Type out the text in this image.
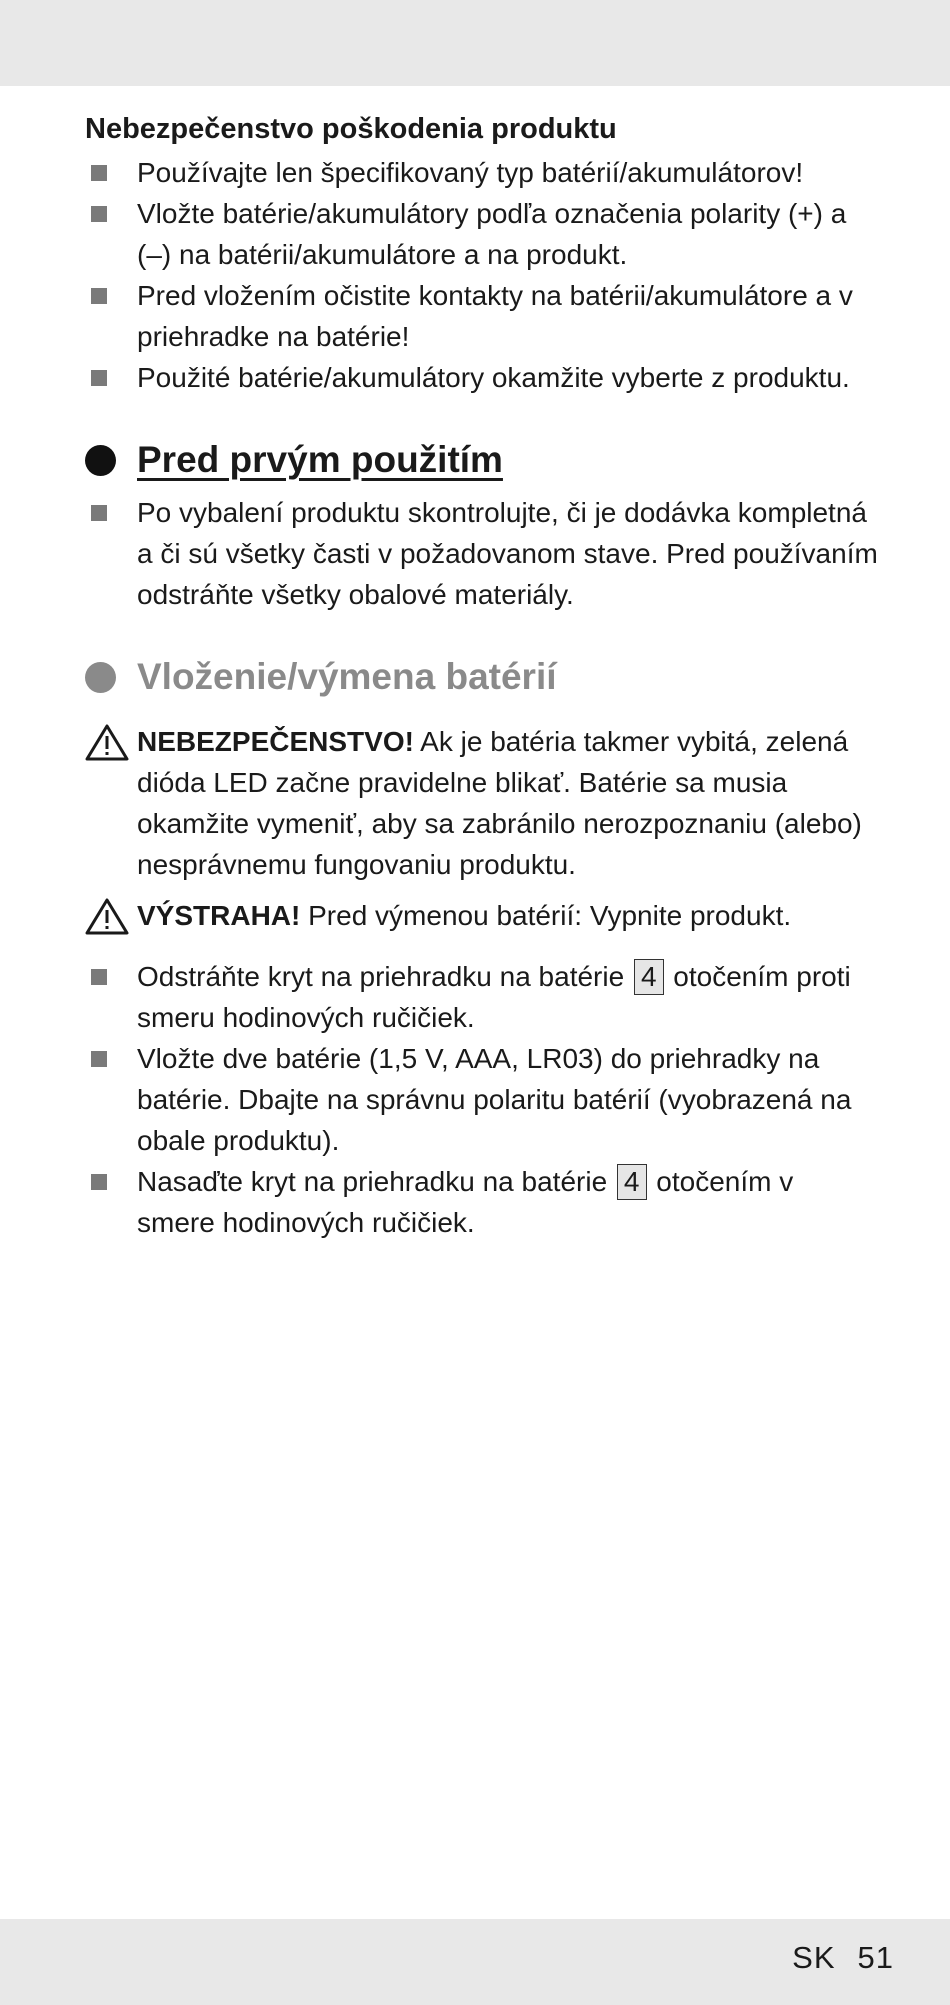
Nebezpečenstvo poškodenia produktu
Používajte len špecifikovaný typ batérií/akumulátorov!
Vložte batérie/akumulátory podľa označenia polarity (+) a
(–) na batérii/akumulátore a na produkt.
Pred vložením očistite kontakty na batérii/akumulátore a v
priehradke na batérie!
Použité batérie/akumulátory okamžite vyberte z produktu.
Pred prvým použitím
Po vybalení produktu skontrolujte, či je dodávka kompletná
a či sú všetky časti v požadovanom stave. Pred používaním
odstráňte všetky obalové materiály.
Vloženie/výmena batérií
NEBEZPEČENSTVO! Ak je batéria takmer vybitá, zelená
dióda LED začne pravidelne blikať. Batérie sa musia
okamžite vymeniť, aby sa zabránilo nerozpoznaniu (alebo)
nesprávnemu fungovaniu produktu.
VÝSTRAHA! Pred výmenou batérií: Vypnite produkt.
Odstráňte kryt na priehradku na batérie 4 otočením proti
smeru hodinových ručičiek.
Vložte dve batérie (1,5 V, AAA, LR03) do priehradky na
batérie. Dbajte na správnu polaritu batérií (vyobrazená na
obale produktu).
Nasaďte kryt na priehradku na batérie 4 otočením v
smere hodinových ručičiek.
SK 51
